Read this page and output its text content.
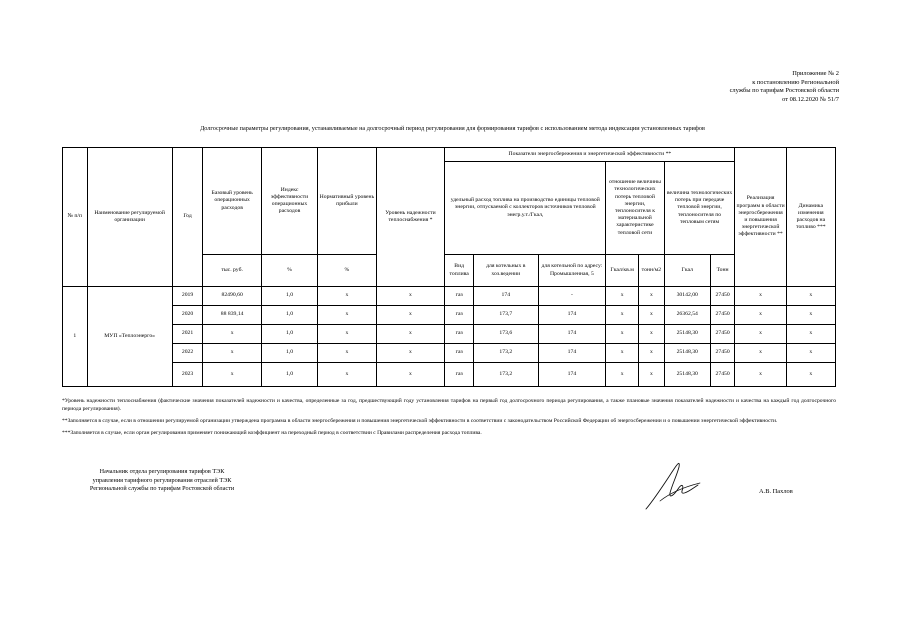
Приложение № 2
к постановлению Региональной
службы по тарифам Ростовской области
от 08.12.2020 № 51/7
Долгосрочные параметры регулирования, устанавливаемые на долгосрочный период регулирования для формирования тарифов с использованием метода индексации установленных тарифов
№ п/п	Наименование регулируемой организации	Год	Базовый уровень операционных расходов	Индекс эффективности операционных расходов	Нормативный уровень прибыли	Уровень надежности теплоснабжения *	Показатели энергосбережения и энергетической эффективности **							Реализация программ в области энергосбережения и повышения энергетической эффективности **	Динамика изменения расходов на топливо ***
							удельный расход топлива на производство единицы тепловой энергии, отпускаемой с коллекторов источников тепловой энегр.у.т./Гкал,			отношение величины технологических потерь тепловой энергии, теплоносителя к материальной характеристике тепловой сети		величина технологических потерь при передаче тепловой энергии, теплоносителя по тепловым сетям			
			тыс. руб.	%	%		Вид топлива	для котельных в хоз.ведении	для котельной по адресу: Промышленная, 5	Гкал/кв.м	тонн/м2	Гкал	Тонн		
1	МУП «Теплоэнерго»	2019	82490,60	1,0	х	х	газ	174	-	х	х	30142,00	27450	х	х
		2020	88 839,14	1,0	х	х	газ	173,7	174	х	х	26362,54	27450	х	х
		2021	х	1,0	х	х	газ	173,6	174	х	х	25148,30	27450	х	х
		2022	х	1,0	х	х	газ	173,2	174	х	х	25148,30	27450	х	х
		2023	х	1,0	х	х	газ	173,2	174	х	х	25148,30	27450	х	х

*Уровень надежности теплоснабжения (фактические значения показателей надежности и качества, определенные за год, предшествующий году установления тарифов на первый год долгосрочного периода регулирования, а также плановые значения показателей надежности и качества на каждый год долгосрочного периода регулирования).

**Заполняется в случае, если в отношении регулируемой организации утверждена программа в области энергосбережения и повышения энергетической эффективности в соответствии с законодательством Российской Федерации об энергосбережении и о повышении энергетической эффективности.

***Заполняется в случае, если орган регулирования применяет понижающий коэффициент на переходный период в соответствии с Правилами распределения расхода топлива.

Начальник отдела регулирования тарифов ТЭК
управления тарифного регулирования отраслей ТЭК
Региональной службы по тарифам Ростовской области	А.В. Пахлов
